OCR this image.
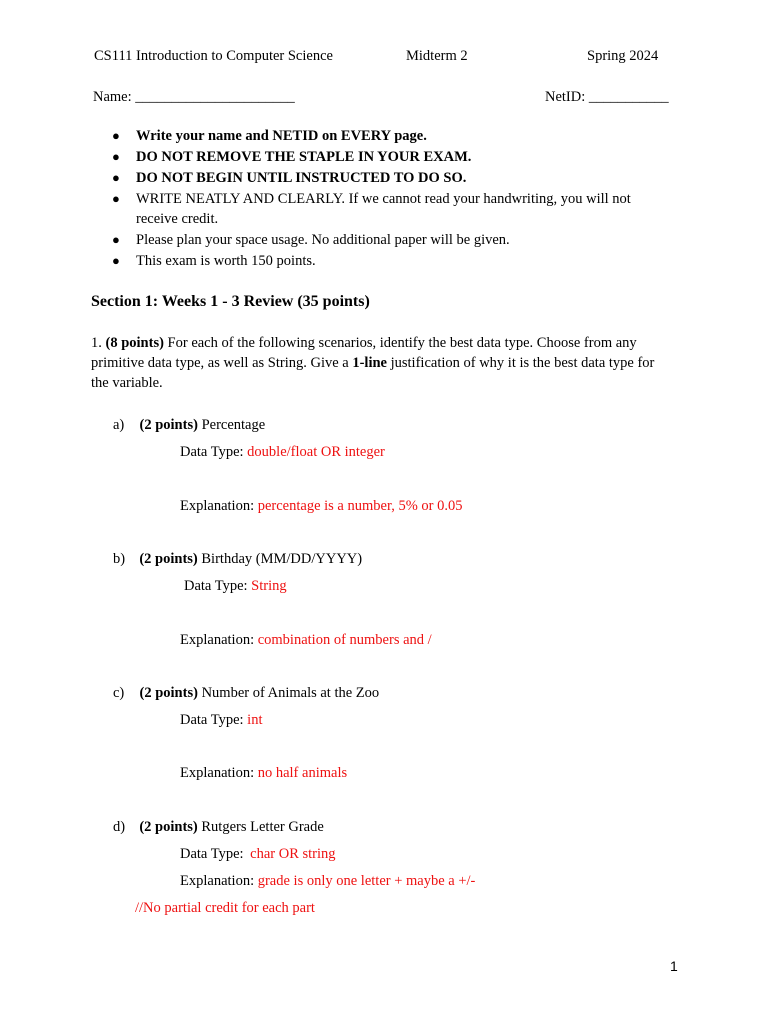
CS111 Introduction to Computer Science	Midterm 2	Spring 2024
Name: ______________________	NetID: ___________
● Write your name and NETID on EVERY page.
● DO NOT REMOVE THE STAPLE IN YOUR EXAM.
● DO NOT BEGIN UNTIL INSTRUCTED TO DO SO.
● WRITE NEATLY AND CLEARLY. If we cannot read your handwriting, you will not
receive credit.
● Please plan your space usage. No additional paper will be given.
● This exam is worth 150 points.
Section 1: Weeks 1 - 3 Review (35 points)
1. (8 points) For each of the following scenarios, identify the best data type. Choose from any
primitive data type, as well as String. Give a 1-line justification of why it is the best data type for
the variable.
a) (2 points) Percentage
Data Type: double/float OR integer
Explanation: percentage is a number, 5% or 0.05
b) (2 points) Birthday (MM/DD/YYYY)
Data Type: String
Explanation: combination of numbers and /
c) (2 points) Number of Animals at the Zoo
Data Type: int
Explanation: no half animals
d) (2 points) Rutgers Letter Grade
Data Type: char OR string
Explanation: grade is only one letter + maybe a +/-
//No partial credit for each part
1
